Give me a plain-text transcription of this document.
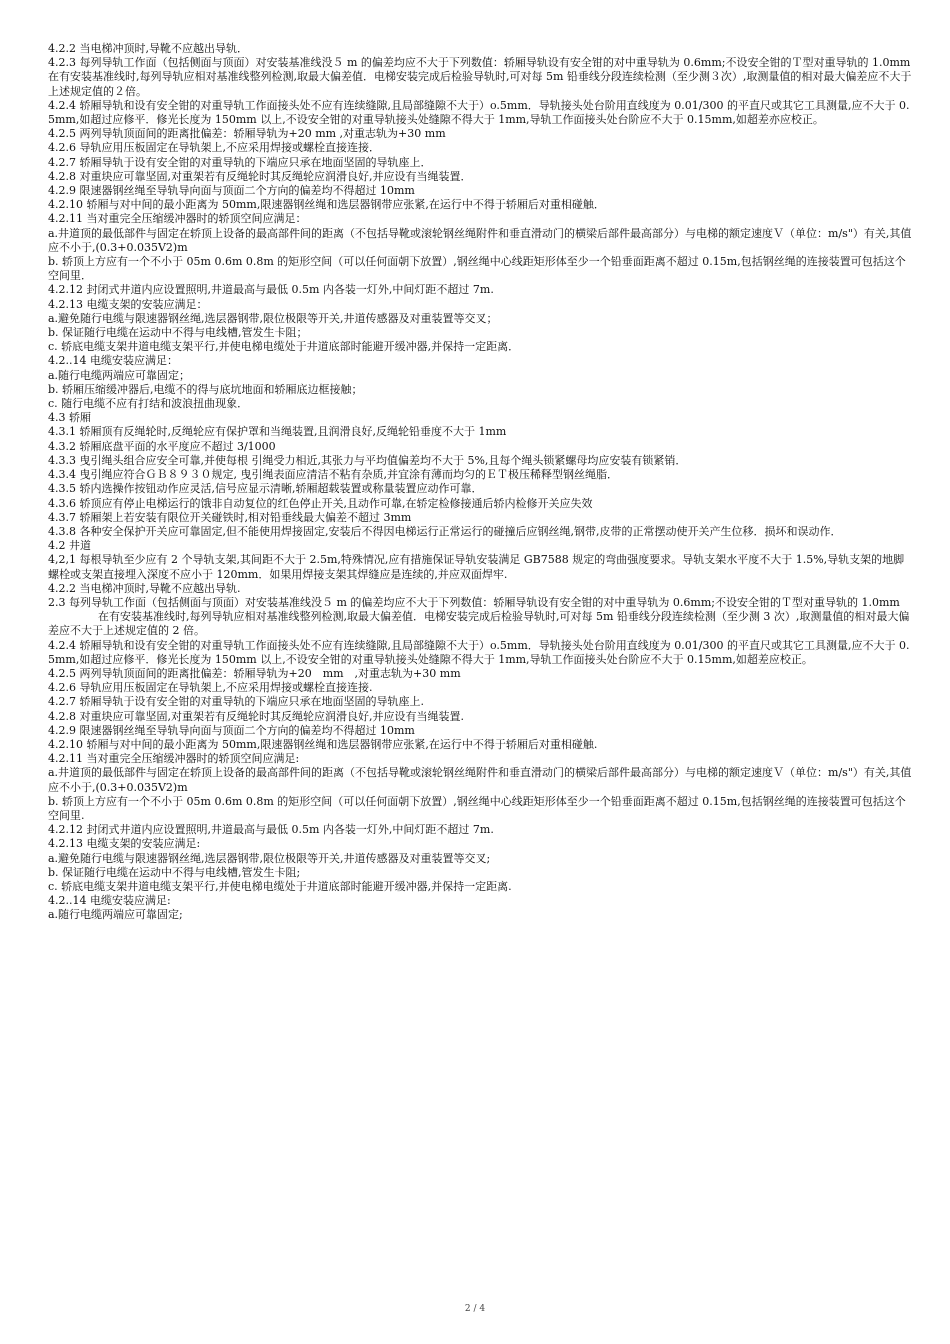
4.2.2 当电梯冲顶时,导靴不应越出导轨．

4.2.3 每列导轨工作面（包括侧面与顶面）对安装基准线没５ m 的偏差均应不大于下列数值：轿厢导轨设有安全钳的对中重导轨为 0.6mm;不设安全钳的Ｔ型对重导轨的 1.0mm

在有安装基准线时,每列导轨应相对基准线整列检测,取最大偏差值．电梯安装完成后检验导轨时,可对每 5m 铅垂线分段连续检测（至少测３次）,取测量值的相对最大偏差应不大于上述规定值的２倍。

4.2.4 轿厢导轨和设有安全钳的对重导轨工作面接头处不应有连续缝隙,且局部缝隙不大于）o.5mm．导轨接头处台阶用直线度为 0.01/300 的平直尺或其它工具测量,应不大于 0.5mm,如超过应修平．修光长度为 150mm 以上,不设安全钳的对重导轨接头处缝隙不得大于 1mm,导轨工作面接头处台阶应不大于 0.15mm,如超差亦应校正。

4.2.5 两列导轨顶面间的距离批偏差：轿厢导轨为+20 mm ,对重志轨为+30 mm

4.2.6 导轨应用压板固定在导轨架上,不应采用焊接或螺栓直接连接．

4.2.7 轿厢导轨于设有安全钳的对重导轨的下端应只承在地面坚固的导轨座上．

4.2.8 对重块应可靠坚固,对重架若有反绳轮时其反绳轮应润滑良好,并应设有当绳装置．

4.2.9 限速器钢丝绳至导轨导向面与顶面二个方向的偏差均不得超过 10mm

4.2.10 轿厢与对中间的最小距离为 50mm,限速器钢丝绳和选层器钢带应张紧,在运行中不得于轿厢后对重相碰触．

4.2.11 当对重完全压缩缓冲器时的轿顶空间应满足：

a.井道顶的最低部件与固定在轿顶上设备的最高部件间的距离（不包括导靴或滚轮钢丝绳附件和垂直滑动门的横梁后部件最高部分）与电梯的额定速度Ｖ（单位：m/s"）有关,其值应不小于,(0.3+0.035V2)m

b. 轿顶上方应有一个不小于 05m 0.6m 0.8m 的矩形空间（可以任何面朝下放置）,钢丝绳中心线距矩形体至少一个铅垂面距离不超过 0.15m,包括钢丝绳的连接装置可包括这个空间里．

4.2.12 封闭式井道内应设置照明,井道最高与最低 0.5m 内各装一灯外,中间灯距不超过 7m.

4.2.13 电缆支架的安装应满足：

a.避免随行电缆与限速器钢丝绳,选层器钢带,限位极限等开关,井道传感器及对重装置等交叉；

b. 保证随行电缆在运动中不得与电线槽,管发生卡阻；

c. 轿底电缆支架井道电缆支架平行,并使电梯电缆处于井道底部时能避开缓冲器,并保持一定距离．

4.2..14 电缆安装应满足：

a.随行电缆两端应可靠固定；

b. 轿厢压缩缓冲器后,电缆不的得与底坑地面和轿厢底边框接触；

c. 随行电缆不应有打结和波浪扭曲现象．

4.3 轿厢

4.3.1 轿厢顶有反绳轮时,反绳轮应有保护罩和当绳装置,且润滑良好,反绳轮铅垂度不大于 1mm

4.3.2 轿厢底盘平面的水平度应不超过 3/1000

4.3.3 曳引绳头组合应安全可靠,并使每根 引绳受力相近,其张力与平均值偏差均不大于 5%,且每个绳头锁紧螺母均应安装有锁紧销．

4.3.4 曳引绳应符合ＧＢ８９３０规定, 曳引绳表面应清洁不粘有杂质,并宜涂有薄而均匀的ＥＴ极压稀释型钢丝绳脂．

4.3.5 轿内选操作按钮动作应灵活,信号应显示清晰,轿厢超载装置或称量装置应动作可靠．

4.3.6 轿顶应有停止电梯运行的饿非自动复位的红色停止开关,且动作可靠,在轿定检修接通后轿内检修开关应失效

4.3.7 轿厢架上若安装有限位开关碰铁时,相对铅垂线最大偏差不超过 3mm

4.3.8 各种安全保护开关应可靠固定,但不能使用焊接固定,安装后不得因电梯运行正常运行的碰撞后应钢丝绳,钢带,皮带的正常摆动使开关产生位移．损坏和误动作．

4.2 井道

4,2,1 每根导轨至少应有 2 个导轨支架,其间距不大于 2.5m,特殊情况,应有措施保证导轨安装满足 GB7588 规定的弯曲强度要求。导轨支架水平度不大于 1.5%,导轨支架的地脚螺栓或支架直接埋入深度不应小于 120mm．如果用焊接支架其焊缝应是连续的,并应双面焊牢.

4.2.2 当电梯冲顶时,导靴不应越出导轨.

2.3 每列导轨工作面（包括侧面与顶面）对安装基准线没５ m 的偏差均应不大于下列数值：轿厢导轨设有安全钳的对中重导轨为 0.6mm;不设安全钳的Ｔ型对重导轨的 1.0mm

在有安装基准线时,每列导轨应相对基准线整列检测,取最大偏差值．电梯安装完成后检验导轨时,可对每 5m 铅垂线分段连续检测（至少测 3 次）,取测量值的相对最大偏差应不大于上述规定值的 2 倍。

4.2.4 轿厢导轨和设有安全钳的对重导轨工作面接头处不应有连续缝隙,且局部缝隙不大于）o.5mm．导轨接头处台阶用直线度为 0.01/300 的平直尺或其它工具测量,应不大于 0.5mm,如超过应修平．修光长度为 150mm 以上,不设安全钳的对重导轨接头处缝隙不得大于 1mm,导轨工作面接头处台阶应不大于 0.15mm,如超差应校正。

4.2.5 两列导轨顶面间的距离批偏差：轿厢导轨为+20　mm　,对重志轨为+30 mm

4.2.6 导轨应用压板固定在导轨架上,不应采用焊接或螺栓直接连接.

4.2.7 轿厢导轨于设有安全钳的对重导轨的下端应只承在地面坚固的导轨座上.

4.2.8 对重块应可靠坚固,对重架若有反绳轮时其反绳轮应润滑良好,并应设有当绳装置.

4.2.9 限速器钢丝绳至导轨导向面与顶面二个方向的偏差均不得超过 10mm

4.2.10 轿厢与对中间的最小距离为 50mm,限速器钢丝绳和选层器钢带应张紧,在运行中不得于轿厢后对重相碰触.

4.2.11 当对重完全压缩缓冲器时的轿顶空间应满足:

a.井道顶的最低部件与固定在轿顶上设备的最高部件间的距离（不包括导靴或滚轮钢丝绳附件和垂直滑动门的横梁后部件最高部分）与电梯的额定速度Ｖ（单位：m/s"）有关,其值应不小于,(0.3+0.035V2)m

b. 轿顶上方应有一个不小于 05m 0.6m 0.8m 的矩形空间（可以任何面朝下放置）,钢丝绳中心线距矩形体至少一个铅垂面距离不超过 0.15m,包括钢丝绳的连接装置可包括这个空间里.

4.2.12 封闭式井道内应设置照明,井道最高与最低 0.5m 内各装一灯外,中间灯距不超过 7m.

4.2.13 电缆支架的安装应满足:

a.避免随行电缆与限速器钢丝绳,选层器钢带,限位极限等开关,井道传感器及对重装置等交叉;

b. 保证随行电缆在运动中不得与电线槽,管发生卡阻;

c. 轿底电缆支架井道电缆支架平行,并使电梯电缆处于井道底部时能避开缓冲器,并保持一定距离.

4.2..14 电缆安装应满足:

a.随行电缆两端应可靠固定;

2 / 4
